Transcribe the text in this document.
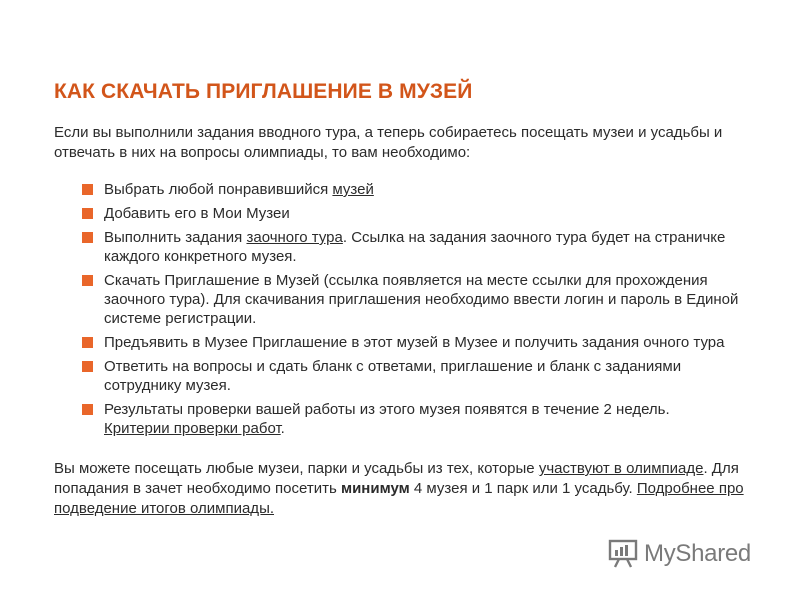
КАК СКАЧАТЬ ПРИГЛАШЕНИЕ В МУЗЕЙ
Если вы выполнили задания вводного тура, а теперь собираетесь посещать музеи и усадьбы и отвечать в них на вопросы олимпиады, то вам необходимо:
Выбрать любой понравившийся музей
Добавить его в Мои Музеи
Выполнить задания заочного тура. Ссылка на задания заочного тура будет на страничке каждого конкретного музея.
Скачать Приглашение в Музей (ссылка появляется на месте ссылки для прохождения заочного тура). Для скачивания приглашения необходимо ввести логин и пароль в Единой системе регистрации.
Предъявить в Музее Приглашение в этот музей в Музее и получить задания очного тура
Ответить на вопросы и сдать бланк с ответами, приглашение и бланк с заданиями сотруднику музея.
Результаты проверки вашей работы из этого музея появятся в течение 2 недель.
Критерии проверки работ.
Вы можете посещать любые музеи, парки и усадьбы из тех, которые участвуют в олимпиаде. Для попадания в зачет необходимо посетить минимум 4 музея и 1 парк или 1 усадьбу. Подробнее про подведение итогов олимпиады.
MyShared
